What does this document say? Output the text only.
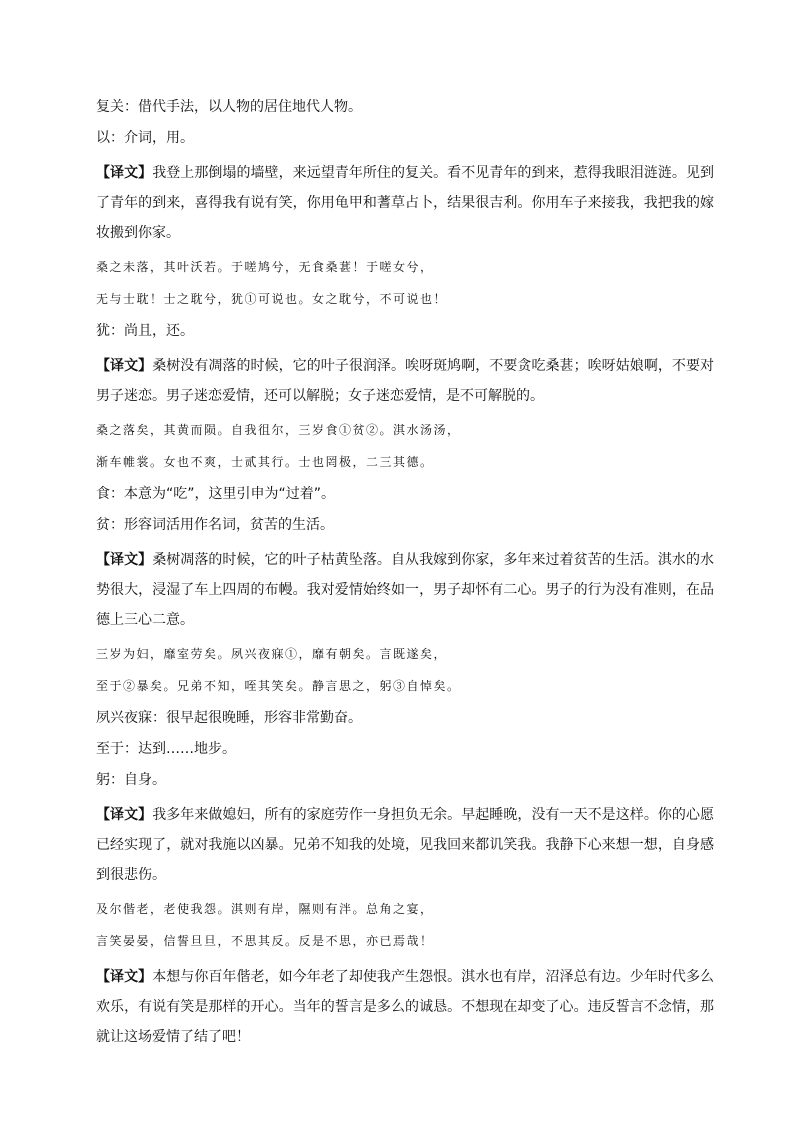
复关：借代手法，以人物的居住地代人物。

以：介词，用。

【译文】我登上那倒塌的墙壁，来远望青年所住的复关。看不见青年的到来，惹得我眼泪涟涟。见到了青年的到来，喜得我有说有笑，你用龟甲和蓍草占卜，结果很吉利。你用车子来接我，我把我的嫁妆搬到你家。

桑之未落，其叶沃若。于嗟鸠兮，无食桑葚！于嗟女兮，

无与士耽！士之耽兮，犹①可说也。女之耽兮，不可说也！

犹：尚且，还。

【译文】桑树没有凋落的时候，它的叶子很润泽。唉呀斑鸠啊，不要贪吃桑葚；唉呀姑娘啊，不要对男子迷恋。男子迷恋爱情，还可以解脱；女子迷恋爱情，是不可解脱的。

桑之落矣，其黄而陨。自我徂尔，三岁食①贫②。淇水汤汤，

渐车帷裳。女也不爽，士贰其行。士也罔极，二三其德。

食：本意为“吃”，这里引申为“过着”。

贫：形容词活用作名词，贫苦的生活。

【译文】桑树凋落的时候，它的叶子枯黄坠落。自从我嫁到你家，多年来过着贫苦的生活。淇水的水势很大，浸湿了车上四周的布幔。我对爱情始终如一，男子却怀有二心。男子的行为没有准则，在品德上三心二意。

三岁为妇，靡室劳矣。夙兴夜寐①，靡有朝矣。言既遂矣，

至于②暴矣。兄弟不知，咥其笑矣。静言思之，躬③自悼矣。

夙兴夜寐：很早起很晚睡，形容非常勤奋。

至于：达到……地步。

躬：自身。

【译文】我多年来做媳妇，所有的家庭劳作一身担负无余。早起睡晚，没有一天不是这样。你的心愿已经实现了，就对我施以凶暴。兄弟不知我的处境，见我回来都讥笑我。我静下心来想一想，自身感到很悲伤。

及尔偕老，老使我怨。淇则有岸，隰则有泮。总角之宴，

言笑晏晏，信誓旦旦，不思其反。反是不思，亦已焉哉！

【译文】本想与你百年偕老，如今年老了却使我产生怨恨。淇水也有岸，沼泽总有边。少年时代多么欢乐，有说有笑是那样的开心。当年的誓言是多么的诚恳。不想现在却变了心。违反誓言不念情，那就让这场爱情了结了吧！
